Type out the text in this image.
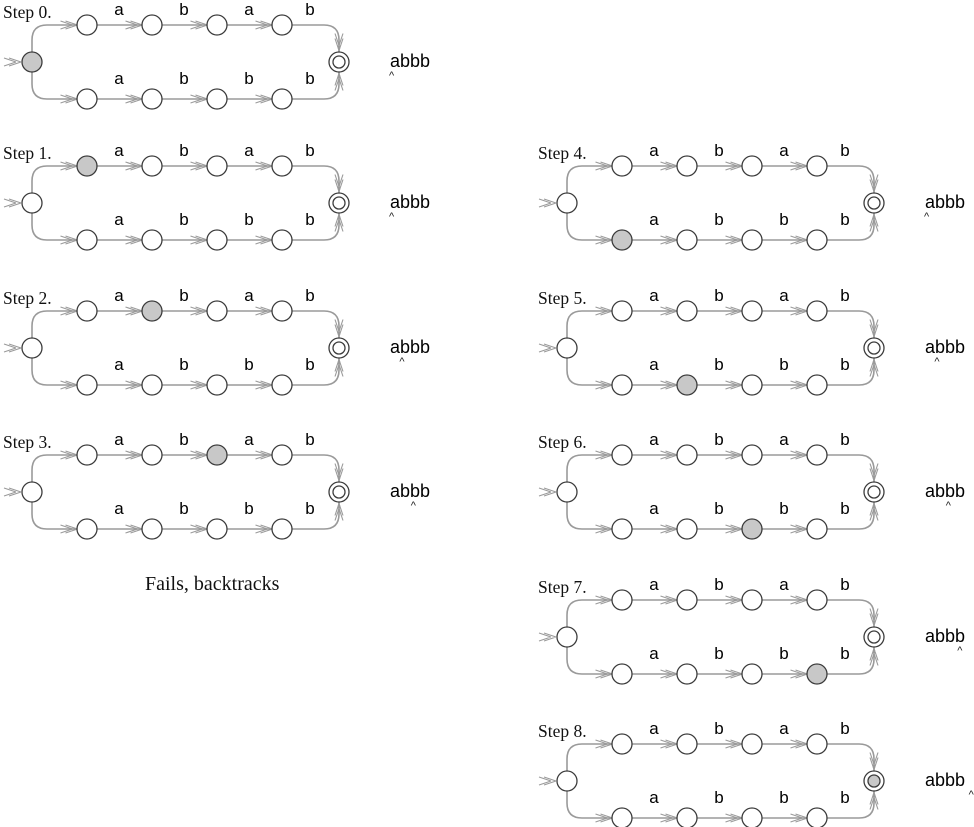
a
a
b
b
a
b
b
b
Step 0.
abbb
^
a
a
b
b
a
b
b
b
Step 1.
abbb
^
a
a
b
b
a
b
b
b
Step 2.
abbb
^
a
a
b
b
a
b
b
b
Step 3.
abbb
^
a
a
b
b
a
b
b
b
Step 4.
abbb
^
a
a
b
b
a
b
b
b
Step 5.
abbb
^
a
a
b
b
a
b
b
b
Step 6.
abbb
^
a
a
b
b
a
b
b
b
Step 7.
abbb
^
a
a
b
b
a
b
b
b
Step 8.
abbb
^
Fails, backtracks
